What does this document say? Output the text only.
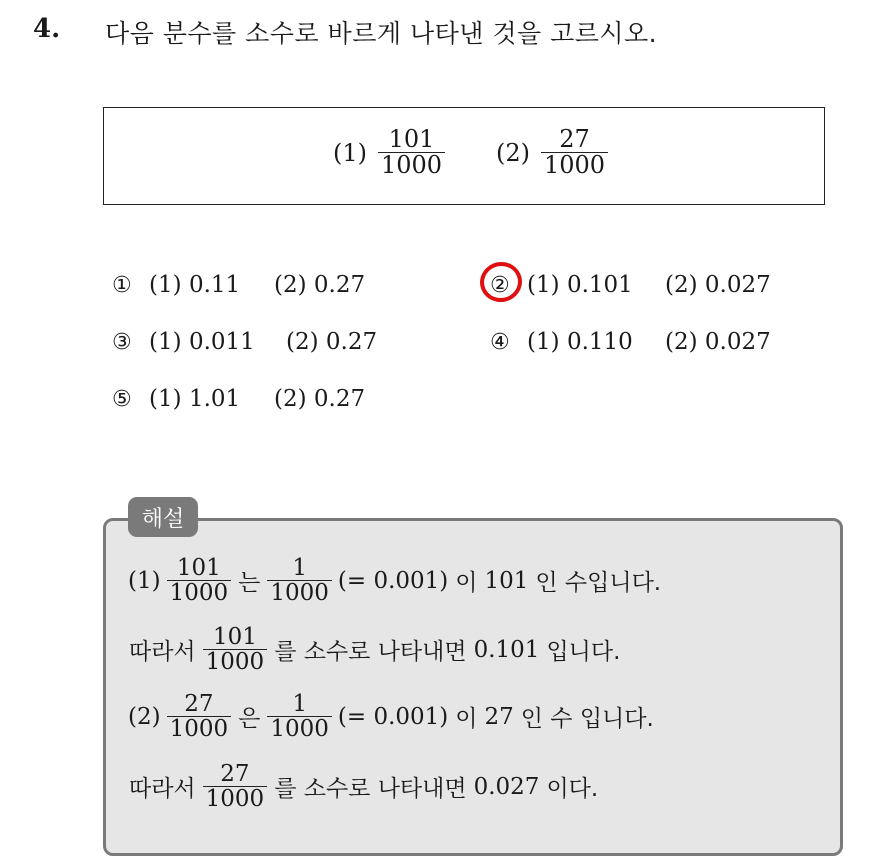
4. 다음 분수를 소수로 바르게 나타낸 것을 고르시오.
$(1) \frac{101}{1000} (2) \frac{27}{1000}$
① (1) 0.11 (2) 0.27	② (1) 0.101 (2) 0.027
③ (1) 0.011 (2) 0.27	④ (1) 0.110 (2) 0.027
⑤ (1) 1.01 (2) 0.27
해설
$(1) \frac{101}{1000}$ 는 $\frac{1}{1000}$ (= 0.001) 이 101 인 수입니다.
따라서 $\frac{101}{1000}$ 를 소수로 나타내면 0.101 입니다.
$(2) \frac{27}{1000}$ 은 $\frac{1}{1000}$ (= 0.001) 이 27 인 수 입니다.
따라서 $\frac{27}{1000}$ 를 소수로 나타내면 0.027 이다.
